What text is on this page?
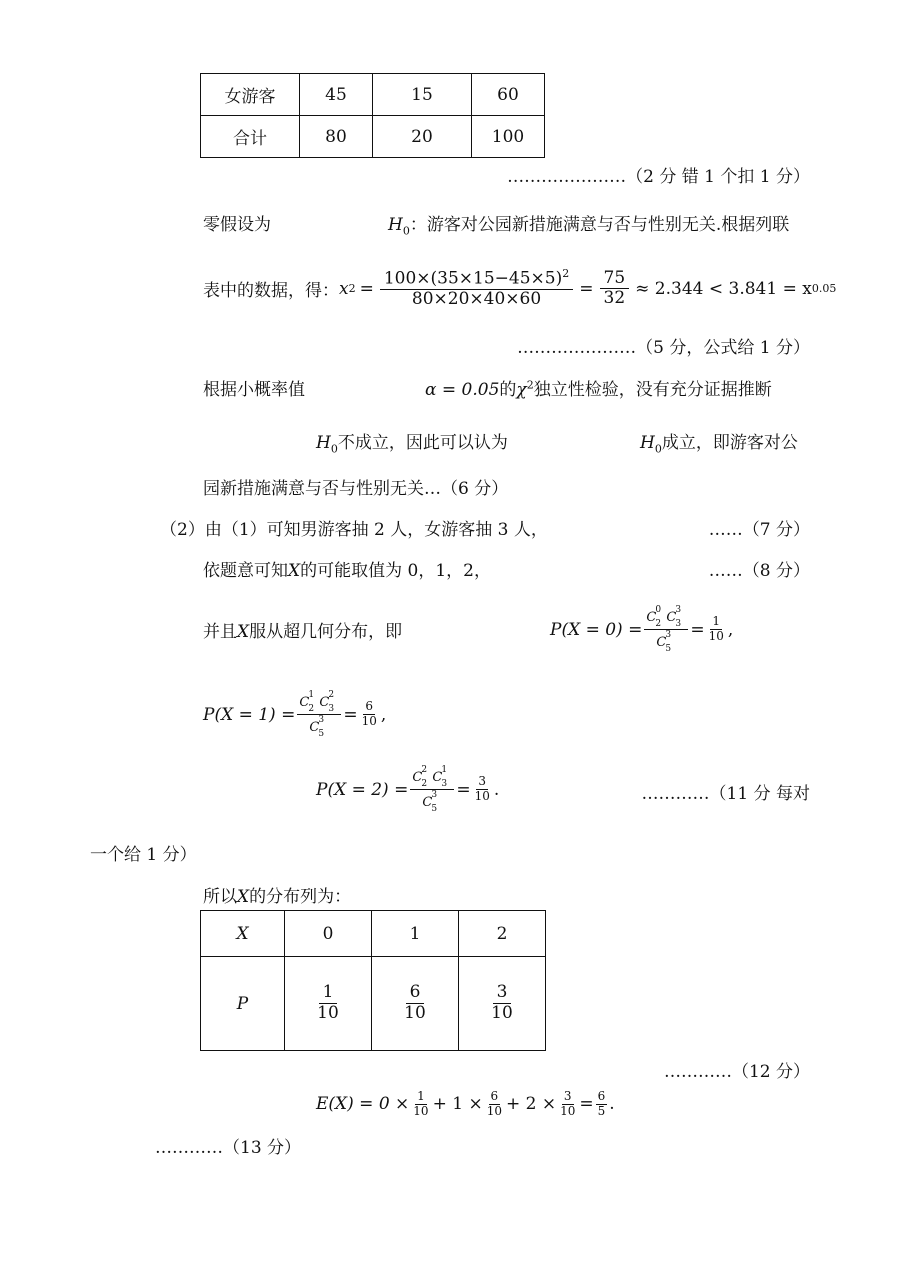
女游客	45	15	60
合计	80	20	100
…………………（2 分 错 1 个扣 1 分）
零假设为	$H_0$：游客对公园新措施满意与否与性别无关.根据列联
表中的数据，得： x $2 = \frac{100\times(35\times 15-45\times 5)^2}{80\times 20\times 40\times 60} = \frac{75}{32} \approx 2.344 < 3.841 = x$ 0.05
…………………（5 分，公式给 1 分）
根据小概率值	α = 0.05的$\chi^2$独立性检验，没有充分证据推断
$H_0$不成立，因此可以认为	$H_0$成立，即游客对公
园新措施满意与否与性别无关…（6 分）
（2）由（1）可知男游客抽 2 人，女游客抽 3 人，	……（7 分）
依题意可知X的可能取值为 0，1，2，	……（8 分）
并且X服从超几何分布，即	P(X = 0) = C 0
2 C 3
3
C 3
$5 = \frac{1}{10}$ ,
P(X = 1) = C 1
2 C 2
3
C 3
$5 = \frac{6}{10}$ ,
P(X = 2) = C 2
2 C 1
3
C 3
$5 = \frac{3}{10}$ .	…………（11 分 每对
一个给 1 分）
所以X的分布列为：
X	0	1	2
P	$\frac{1}{10}$	$\frac{6}{10}$	$\frac{3}{10}$
…………（12 分）
$E(X) = 0 \times \frac{1}{10} + 1 \times \frac{6}{10} + 2 \times \frac{3}{10} = \frac{6}{5}$ .
…………（13 分）
